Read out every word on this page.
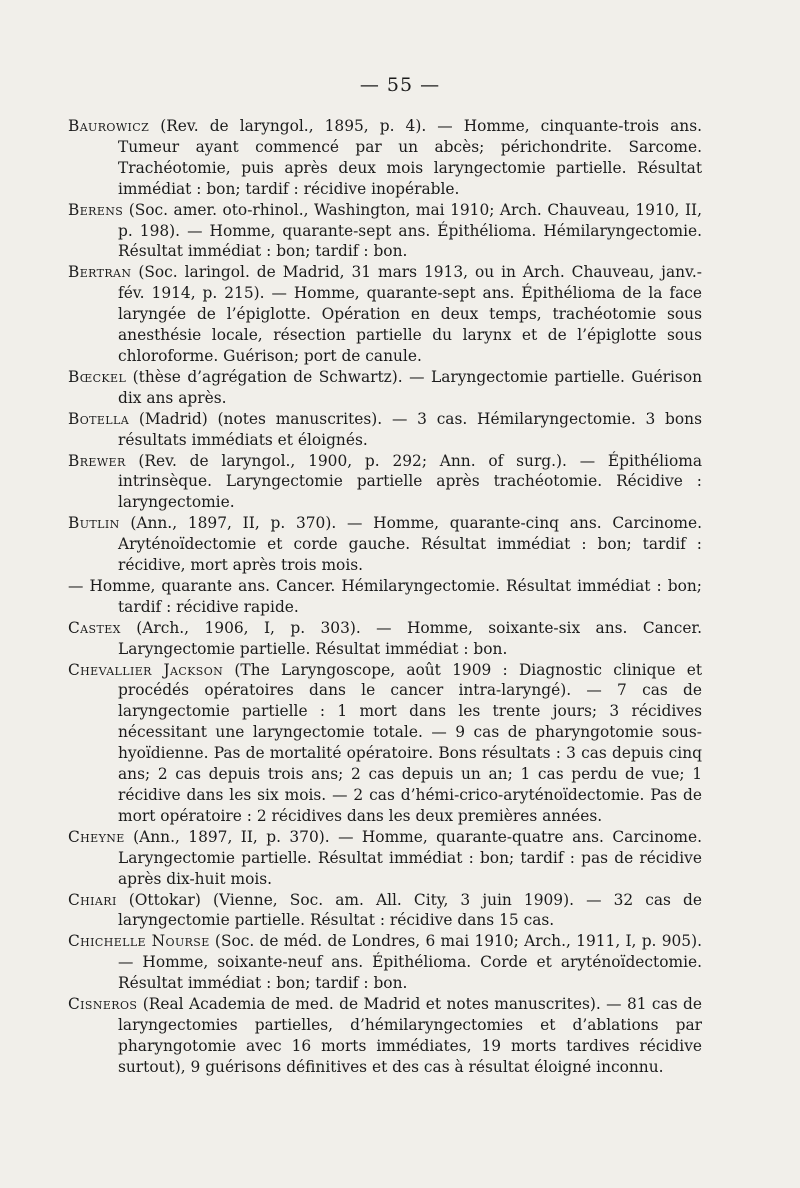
— 55 —

Baurowicz (Rev. de laryngol., 1895, p. 4). — Homme, cinquante-trois ans. Tumeur ayant commencé par un abcès; périchondrite. Sarcome. Trachéotomie, puis après deux mois laryngectomie partielle. Résultat immédiat : bon; tardif : récidive inopérable.

Berens (Soc. amer. oto-rhinol., Washington, mai 1910; Arch. Chauveau, 1910, II, p. 198). — Homme, quarante-sept ans. Épithélioma. Hémilaryngectomie. Résultat immédiat : bon; tardif : bon.

Bertran (Soc. laringol. de Madrid, 31 mars 1913, ou in Arch. Chauveau, janv.-fév. 1914, p. 215). — Homme, quarante-sept ans. Épithélioma de la face laryngée de l’épiglotte. Opération en deux temps, trachéotomie sous anesthésie locale, résection partielle du larynx et de l’épiglotte sous chloroforme. Guérison; port de canule.

Bœckel (thèse d’agrégation de Schwartz). — Laryngectomie partielle. Guérison dix ans après.

Botella (Madrid) (notes manuscrites). — 3 cas. Hémilaryngectomie. 3 bons résultats immédiats et éloignés.

Brewer (Rev. de laryngol., 1900, p. 292; Ann. of surg.). — Épithélioma intrinsèque. Laryngectomie partielle après trachéotomie. Récidive : laryngectomie.

Butlin (Ann., 1897, II, p. 370). — Homme, quarante-cinq ans. Carcinome. Aryténoïdectomie et corde gauche. Résultat immédiat : bon; tardif : récidive, mort après trois mois.

— Homme, quarante ans. Cancer. Hémilaryngectomie. Résultat immédiat : bon; tardif : récidive rapide.

Castex (Arch., 1906, I, p. 303). — Homme, soixante-six ans. Cancer. Laryngectomie partielle. Résultat immédiat : bon.

Chevallier Jackson (The Laryngoscope, août 1909 : Diagnostic clinique et procédés opératoires dans le cancer intra-laryngé). — 7 cas de laryngectomie partielle : 1 mort dans les trente jours; 3 récidives nécessitant une laryngectomie totale. — 9 cas de pharyngotomie sous-hyoïdienne. Pas de mortalité opératoire. Bons résultats : 3 cas depuis cinq ans; 2 cas depuis trois ans; 2 cas depuis un an; 1 cas perdu de vue; 1 récidive dans les six mois. — 2 cas d’hémi-crico-aryténoïdectomie. Pas de mort opératoire : 2 récidives dans les deux premières années.

Cheyne (Ann., 1897, II, p. 370). — Homme, quarante-quatre ans. Carcinome. Laryngectomie partielle. Résultat immédiat : bon; tardif : pas de récidive après dix-huit mois.

Chiari (Ottokar) (Vienne, Soc. am. All. City, 3 juin 1909). — 32 cas de laryngectomie partielle. Résultat : récidive dans 15 cas.

Chichelle Nourse (Soc. de méd. de Londres, 6 mai 1910; Arch., 1911, I, p. 905). — Homme, soixante-neuf ans. Épithélioma. Corde et aryténoïdectomie. Résultat immédiat : bon; tardif : bon.

Cisneros (Real Academia de med. de Madrid et notes manuscrites). — 81 cas de laryngectomies partielles, d’hémilaryngectomies et d’ablations par pharyngotomie avec 16 morts immédiates, 19 morts tardives récidive surtout), 9 guérisons définitives et des cas à résultat éloigné inconnu.
